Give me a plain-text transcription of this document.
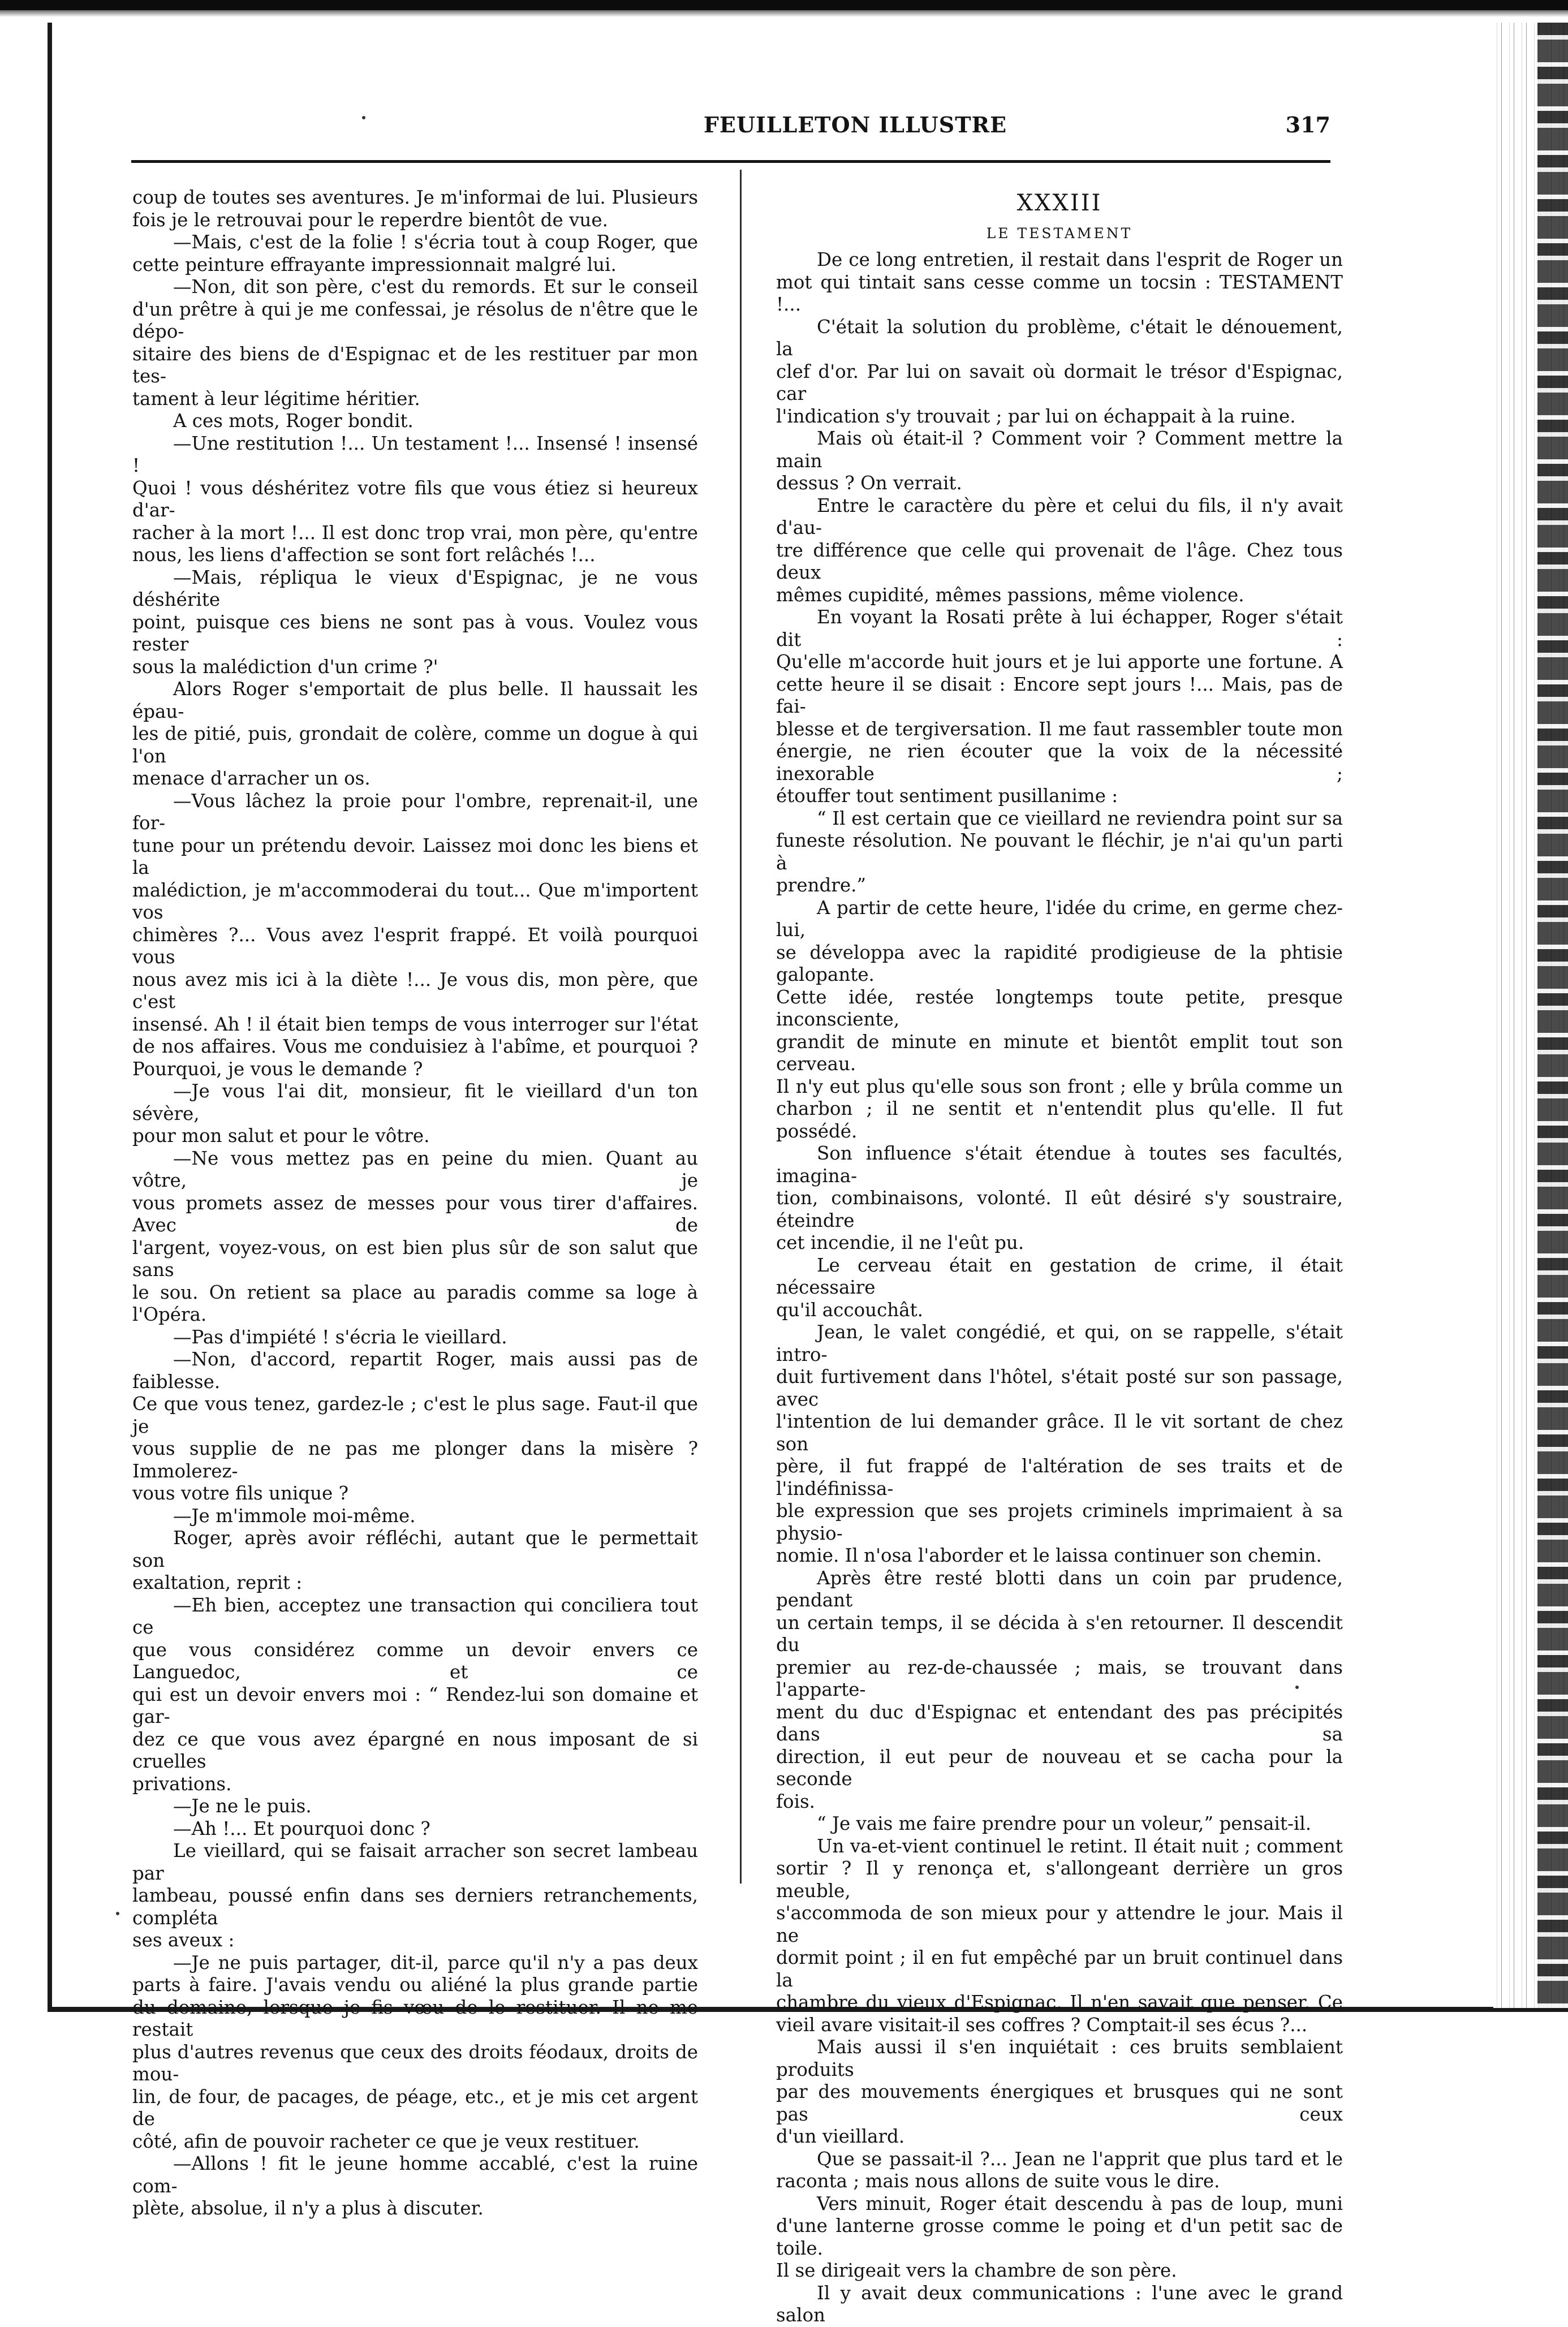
FEUILLETON ILLUSTRE	317

coup de toutes ses aventures. Je m'informai de lui. Plusieurs

fois je le retrouvai pour le reperdre bientôt de vue.

—Mais, c'est de la folie ! s'écria tout à coup Roger, que

cette peinture effrayante impressionnait malgré lui.

—Non, dit son père, c'est du remords. Et sur le conseil

d'un prêtre à qui je me confessai, je résolus de n'être que le dépo-

sitaire des biens de d'Espignac et de les restituer par mon tes-

tament à leur légitime héritier.

A ces mots, Roger bondit.

—Une restitution !... Un testament !... Insensé ! insensé !

Quoi ! vous déshéritez votre fils que vous étiez si heureux d'ar-

racher à la mort !... Il est donc trop vrai, mon père, qu'entre

nous, les liens d'affection se sont fort relâchés !...

—Mais, répliqua le vieux d'Espignac, je ne vous déshérite

point, puisque ces biens ne sont pas à vous. Voulez vous rester

sous la malédiction d'un crime ?'

Alors Roger s'emportait de plus belle. Il haussait les épau-

les de pitié, puis, grondait de colère, comme un dogue à qui l'on

menace d'arracher un os.

—Vous lâchez la proie pour l'ombre, reprenait-il, une for-

tune pour un prétendu devoir. Laissez moi donc les biens et la

malédiction, je m'accommoderai du tout... Que m'importent vos

chimères ?... Vous avez l'esprit frappé. Et voilà pourquoi vous

nous avez mis ici à la diète !... Je vous dis, mon père, que c'est

insensé. Ah ! il était bien temps de vous interroger sur l'état

de nos affaires. Vous me conduisiez à l'abîme, et pourquoi ?

Pourquoi, je vous le demande ?

—Je vous l'ai dit, monsieur, fit le vieillard d'un ton sévère,

pour mon salut et pour le vôtre.

—Ne vous mettez pas en peine du mien. Quant au vôtre, je

vous promets assez de messes pour vous tirer d'affaires. Avec de

l'argent, voyez-vous, on est bien plus sûr de son salut que sans

le sou. On retient sa place au paradis comme sa loge à l'Opéra.

—Pas d'impiété ! s'écria le vieillard.

—Non, d'accord, repartit Roger, mais aussi pas de faiblesse.

Ce que vous tenez, gardez-le ; c'est le plus sage. Faut-il que je

vous supplie de ne pas me plonger dans la misère ? Immolerez-

vous votre fils unique ?

—Je m'immole moi-même.

Roger, après avoir réfléchi, autant que le permettait son

exaltation, reprit :

—Eh bien, acceptez une transaction qui conciliera tout ce

que vous considérez comme un devoir envers ce Languedoc, et ce

qui est un devoir envers moi : “ Rendez-lui son domaine et gar-

dez ce que vous avez épargné en nous imposant de si cruelles

privations.

—Je ne le puis.

—Ah !... Et pourquoi donc ?

Le vieillard, qui se faisait arracher son secret lambeau par

lambeau, poussé enfin dans ses derniers retranchements, compléta

ses aveux :

—Je ne puis partager, dit-il, parce qu'il n'y a pas deux

parts à faire. J'avais vendu ou aliéné la plus grande partie

du domaine, lorsque je fis vœu de le restituer. Il ne me restait

plus d'autres revenus que ceux des droits féodaux, droits de mou-

lin, de four, de pacages, de péage, etc., et je mis cet argent de

côté, afin de pouvoir racheter ce que je veux restituer.

—Allons ! fit le jeune homme accablé, c'est la ruine com-

plète, absolue, il n'y a plus à discuter.

XXXIII
LE TESTAMENT

De ce long entretien, il restait dans l'esprit de Roger un

mot qui tintait sans cesse comme un tocsin : TESTAMENT !...

C'était la solution du problème, c'était le dénouement, la

clef d'or. Par lui on savait où dormait le trésor d'Espignac, car

l'indication s'y trouvait ; par lui on échappait à la ruine.

Mais où était-il ? Comment voir ? Comment mettre la main

dessus ? On verrait.

Entre le caractère du père et celui du fils, il n'y avait d'au-

tre différence que celle qui provenait de l'âge. Chez tous deux

mêmes cupidité, mêmes passions, même violence.

En voyant la Rosati prête à lui échapper, Roger s'était dit :

Qu'elle m'accorde huit jours et je lui apporte une fortune. A

cette heure il se disait : Encore sept jours !... Mais, pas de fai-

blesse et de tergiversation. Il me faut rassembler toute mon

énergie, ne rien écouter que la voix de la nécessité inexorable ;

étouffer tout sentiment pusillanime :

“ Il est certain que ce vieillard ne reviendra point sur sa

funeste résolution. Ne pouvant le fléchir, je n'ai qu'un parti à

prendre.”

A partir de cette heure, l'idée du crime, en germe chez-lui,

se développa avec la rapidité prodigieuse de la phtisie galopante.

Cette idée, restée longtemps toute petite, presque inconsciente,

grandit de minute en minute et bientôt emplit tout son cerveau.

Il n'y eut plus qu'elle sous son front ; elle y brûla comme un

charbon ; il ne sentit et n'entendit plus qu'elle. Il fut possédé.

Son influence s'était étendue à toutes ses facultés, imagina-

tion, combinaisons, volonté. Il eût désiré s'y soustraire, éteindre

cet incendie, il ne l'eût pu.

Le cerveau était en gestation de crime, il était nécessaire

qu'il accouchât.

Jean, le valet congédié, et qui, on se rappelle, s'était intro-

duit furtivement dans l'hôtel, s'était posté sur son passage, avec

l'intention de lui demander grâce. Il le vit sortant de chez son

père, il fut frappé de l'altération de ses traits et de l'indéfinissa-

ble expression que ses projets criminels imprimaient à sa physio-

nomie. Il n'osa l'aborder et le laissa continuer son chemin.

Après être resté blotti dans un coin par prudence, pendant

un certain temps, il se décida à s'en retourner. Il descendit du

premier au rez-de-chaussée ; mais, se trouvant dans l'apparte-

ment du duc d'Espignac et entendant des pas précipités dans sa

direction, il eut peur de nouveau et se cacha pour la seconde

fois.

“ Je vais me faire prendre pour un voleur,” pensait-il.

Un va-et-vient continuel le retint. Il était nuit ; comment

sortir ? Il y renonça et, s'allongeant derrière un gros meuble,

s'accommoda de son mieux pour y attendre le jour. Mais il ne

dormit point ; il en fut empêché par un bruit continuel dans la

chambre du vieux d'Espignac. Il n'en savait que penser. Ce

vieil avare visitait-il ses coffres ? Comptait-il ses écus ?...

Mais aussi il s'en inquiétait : ces bruits semblaient produits

par des mouvements énergiques et brusques qui ne sont pas ceux

d'un vieillard.

Que se passait-il ?... Jean ne l'apprit que plus tard et le

raconta ; mais nous allons de suite vous le dire.

Vers minuit, Roger était descendu à pas de loup, muni

d'une lanterne grosse comme le poing et d'un petit sac de toile.

Il se dirigeait vers la chambre de son père.

Il y avait deux communications : l'une avec le grand salon
